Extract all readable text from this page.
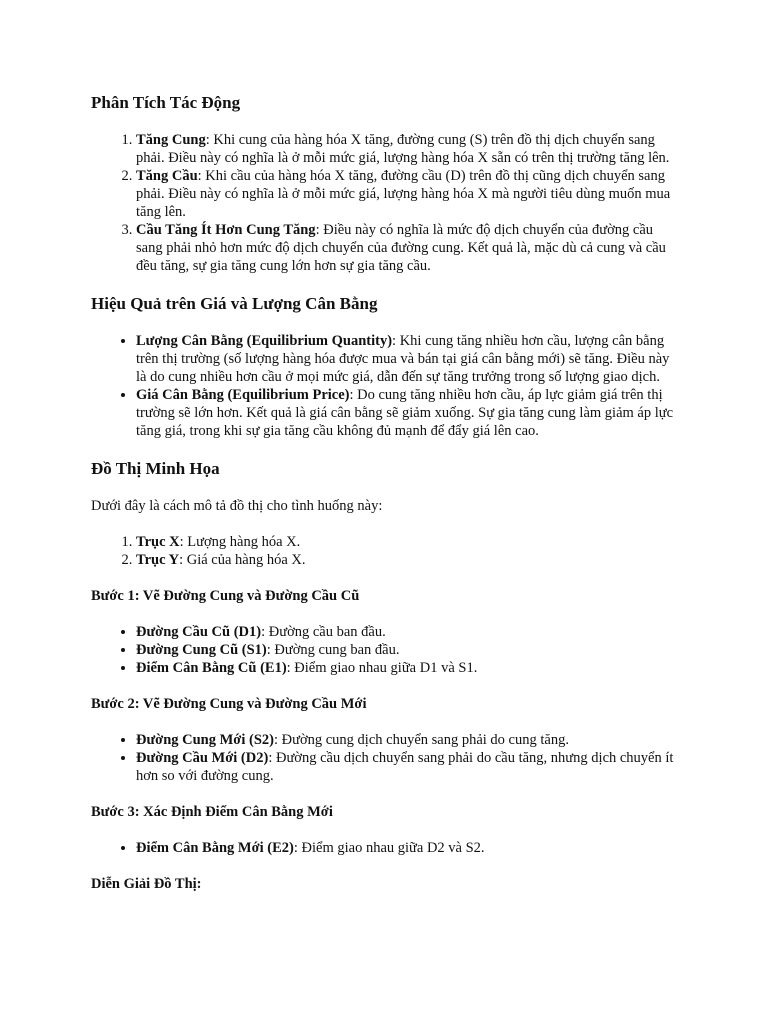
Phân Tích Tác Động
1. Tăng Cung: Khi cung của hàng hóa X tăng, đường cung (S) trên đồ thị dịch chuyển sang phải. Điều này có nghĩa là ở mỗi mức giá, lượng hàng hóa X sẵn có trên thị trường tăng lên.
2. Tăng Cầu: Khi cầu của hàng hóa X tăng, đường cầu (D) trên đồ thị cũng dịch chuyển sang phải. Điều này có nghĩa là ở mỗi mức giá, lượng hàng hóa X mà người tiêu dùng muốn mua tăng lên.
3. Cầu Tăng Ít Hơn Cung Tăng: Điều này có nghĩa là mức độ dịch chuyển của đường cầu sang phải nhỏ hơn mức độ dịch chuyển của đường cung. Kết quả là, mặc dù cả cung và cầu đều tăng, sự gia tăng cung lớn hơn sự gia tăng cầu.
Hiệu Quả trên Giá và Lượng Cân Bằng
• Lượng Cân Bằng (Equilibrium Quantity): Khi cung tăng nhiều hơn cầu, lượng cân bằng trên thị trường (số lượng hàng hóa được mua và bán tại giá cân bằng mới) sẽ tăng. Điều này là do cung nhiều hơn cầu ở mọi mức giá, dẫn đến sự tăng trưởng trong số lượng giao dịch.
• Giá Cân Bằng (Equilibrium Price): Do cung tăng nhiều hơn cầu, áp lực giảm giá trên thị trường sẽ lớn hơn. Kết quả là giá cân bằng sẽ giảm xuống. Sự gia tăng cung làm giảm áp lực tăng giá, trong khi sự gia tăng cầu không đủ mạnh để đẩy giá lên cao.
Đồ Thị Minh Họa

Dưới đây là cách mô tả đồ thị cho tình huống này:

1. Trục X: Lượng hàng hóa X.
2. Trục Y: Giá của hàng hóa X.
Bước 1: Vẽ Đường Cung và Đường Cầu Cũ
• Đường Cầu Cũ (D1): Đường cầu ban đầu.
• Đường Cung Cũ (S1): Đường cung ban đầu.
• Điểm Cân Bằng Cũ (E1): Điểm giao nhau giữa D1 và S1.
Bước 2: Vẽ Đường Cung và Đường Cầu Mới
• Đường Cung Mới (S2): Đường cung dịch chuyển sang phải do cung tăng.
• Đường Cầu Mới (D2): Đường cầu dịch chuyển sang phải do cầu tăng, nhưng dịch chuyển ít hơn so với đường cung.
Bước 3: Xác Định Điểm Cân Bằng Mới
• Điểm Cân Bằng Mới (E2): Điểm giao nhau giữa D2 và S2.
Diễn Giải Đồ Thị:
